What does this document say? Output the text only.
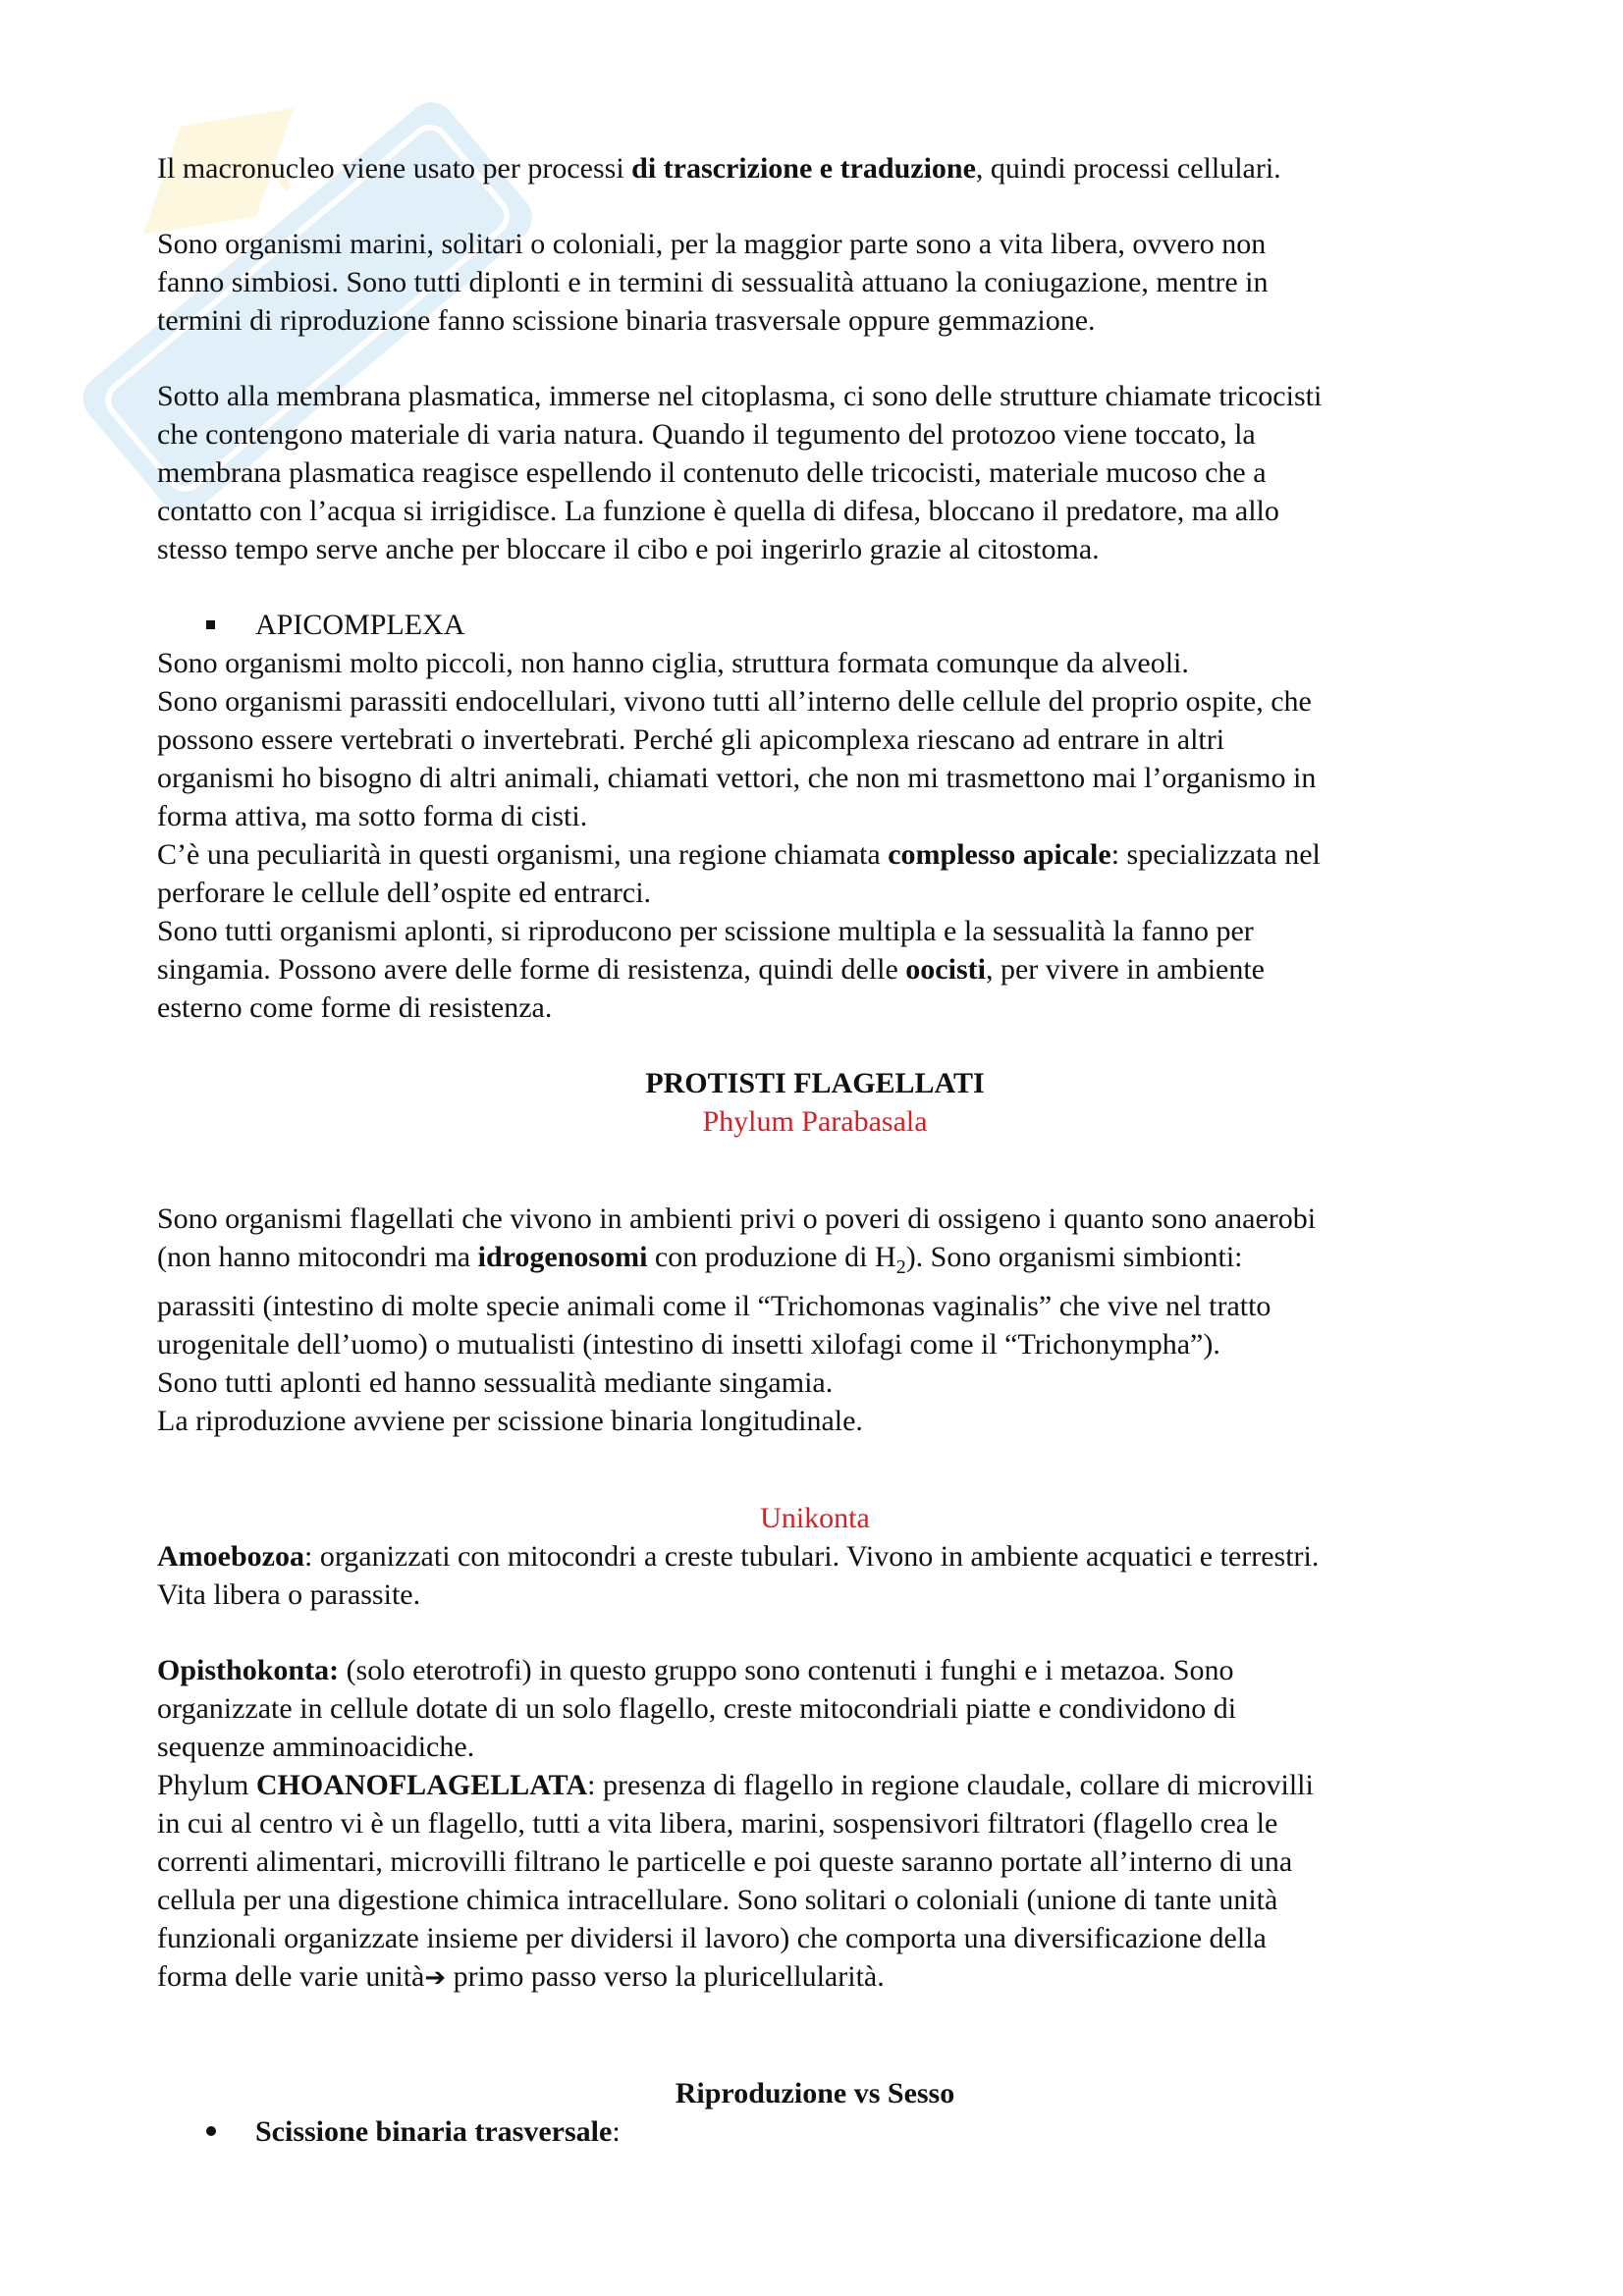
Il macronucleo viene usato per processi di trascrizione e traduzione, quindi processi cellulari.

Sono organismi marini, solitari o coloniali, per la maggior parte sono a vita libera, ovvero non

fanno simbiosi. Sono tutti diplonti e in termini di sessualità attuano la coniugazione, mentre in

termini di riproduzione fanno scissione binaria trasversale oppure gemmazione.

Sotto alla membrana plasmatica, immerse nel citoplasma, ci sono delle strutture chiamate tricocisti

che contengono materiale di varia natura. Quando il tegumento del protozoo viene toccato, la

membrana plasmatica reagisce espellendo il contenuto delle tricocisti, materiale mucoso che a

contatto con l’acqua si irrigidisce. La funzione è quella di difesa, bloccano il predatore, ma allo

stesso tempo serve anche per bloccare il cibo e poi ingerirlo grazie al citostoma.

APICOMPLEXA

Sono organismi molto piccoli, non hanno ciglia, struttura formata comunque da alveoli.

Sono organismi parassiti endocellulari, vivono tutti all’interno delle cellule del proprio ospite, che

possono essere vertebrati o invertebrati. Perché gli apicomplexa riescano ad entrare in altri

organismi ho bisogno di altri animali, chiamati vettori, che non mi trasmettono mai l’organismo in

forma attiva, ma sotto forma di cisti.

C’è una peculiarità in questi organismi, una regione chiamata complesso apicale: specializzata nel

perforare le cellule dell’ospite ed entrarci.

Sono tutti organismi aplonti, si riproducono per scissione multipla e la sessualità la fanno per

singamia. Possono avere delle forme di resistenza, quindi delle oocisti, per vivere in ambiente

esterno come forme di resistenza.

PROTISTI FLAGELLATI

Phylum Parabasala

Sono organismi flagellati che vivono in ambienti privi o poveri di ossigeno i quanto sono anaerobi

(non hanno mitocondri ma idrogenosomi con produzione di $H_2$). Sono organismi simbionti:

parassiti (intestino di molte specie animali come il “Trichomonas vaginalis” che vive nel tratto

urogenitale dell’uomo) o mutualisti (intestino di insetti xilofagi come il “Trichonympha”).

Sono tutti aplonti ed hanno sessualità mediante singamia.

La riproduzione avviene per scissione binaria longitudinale.

Unikonta

Amoebozoa: organizzati con mitocondri a creste tubulari. Vivono in ambiente acquatici e terrestri.

Vita libera o parassite.

Opisthokonta: (solo eterotrofi) in questo gruppo sono contenuti i funghi e i metazoa. Sono

organizzate in cellule dotate di un solo flagello, creste mitocondriali piatte e condividono di

sequenze amminoacidiche.

Phylum CHOANOFLAGELLATA: presenza di flagello in regione claudale, collare di microvilli

in cui al centro vi è un flagello, tutti a vita libera, marini, sospensivori filtratori (flagello crea le

correnti alimentari, microvilli filtrano le particelle e poi queste saranno portate all’interno di una

cellula per una digestione chimica intracellulare. Sono solitari o coloniali (unione di tante unità

funzionali organizzate insieme per dividersi il lavoro) che comporta una diversificazione della

forma delle varie unità➔ primo passo verso la pluricellularità.

Riproduzione vs Sesso

Scissione binaria trasversale:
